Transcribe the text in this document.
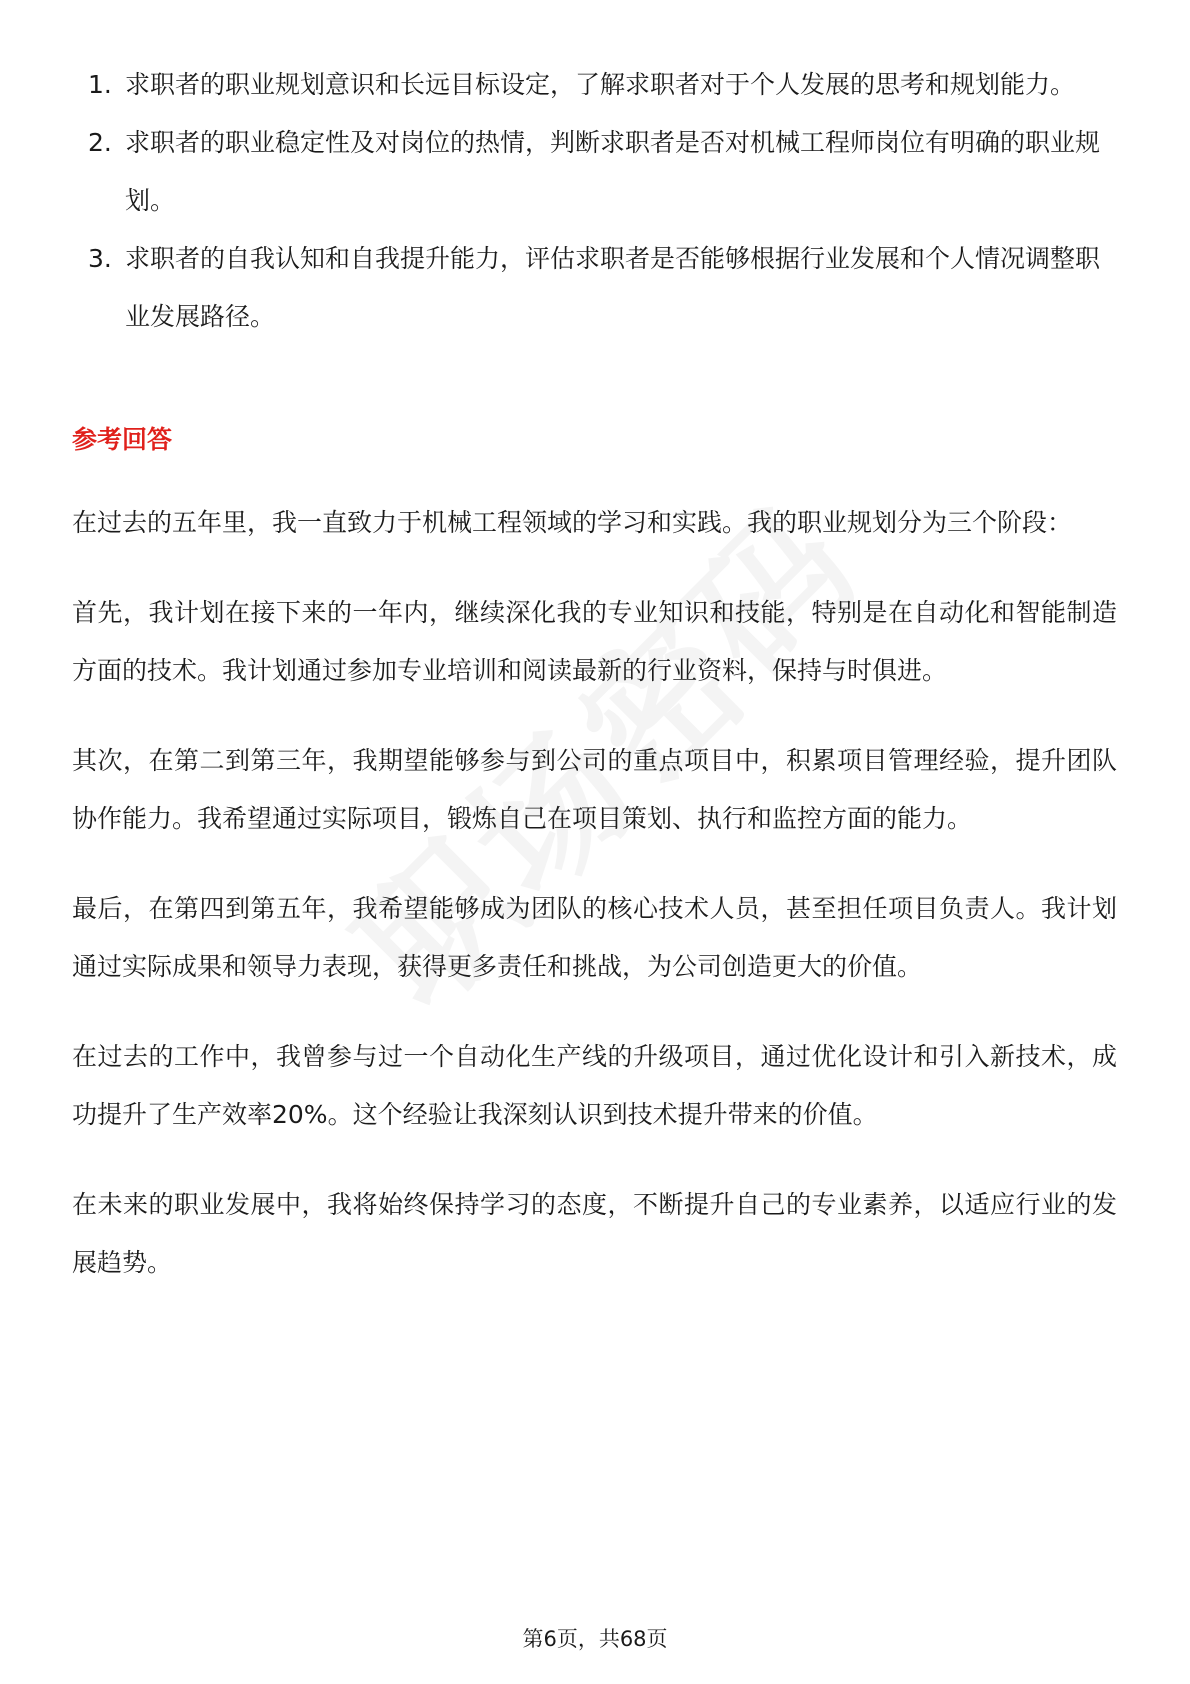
1. 求职者的职业规划意识和长远目标设定，了解求职者对于个人发展的思考和规划能力。
2. 求职者的职业稳定性及对岗位的热情，判断求职者是否对机械工程师岗位有明确的职业规划。
3. 求职者的自我认知和自我提升能力，评估求职者是否能够根据行业发展和个人情况调整职业发展路径。
参考回答

在过去的五年里，我一直致力于机械工程领域的学习和实践。我的职业规划分为三个阶段：

首先，我计划在接下来的一年内，继续深化我的专业知识和技能，特别是在自动化和智能制造方面的技术。我计划通过参加专业培训和阅读最新的行业资料，保持与时俱进。

其次，在第二到第三年，我期望能够参与到公司的重点项目中，积累项目管理经验，提升团队协作能力。我希望通过实际项目，锻炼自己在项目策划、执行和监控方面的能力。

最后，在第四到第五年，我希望能够成为团队的核心技术人员，甚至担任项目负责人。我计划通过实际成果和领导力表现，获得更多责任和挑战，为公司创造更大的价值。

在过去的工作中，我曾参与过一个自动化生产线的升级项目，通过优化设计和引入新技术，成功提升了生产效率20%。这个经验让我深刻认识到技术提升带来的价值。

在未来的职业发展中，我将始终保持学习的态度，不断提升自己的专业素养，以适应行业的发展趋势。

第6页，共68页
